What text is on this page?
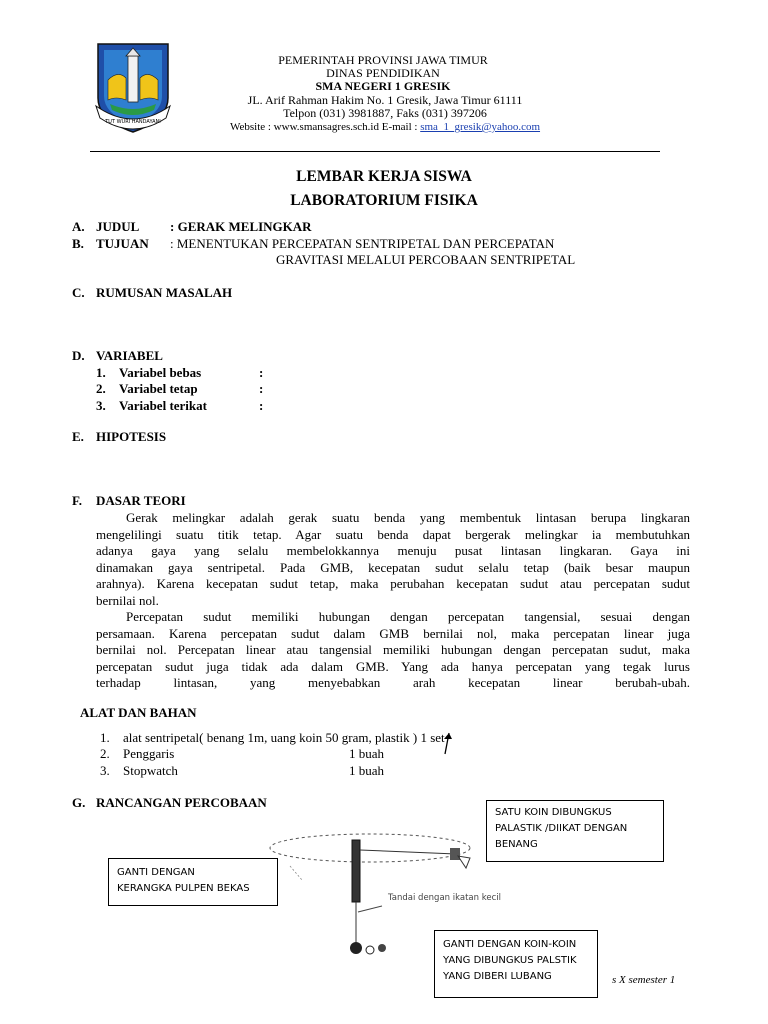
TUT WURI HANDAYANI
PEMERINTAH PROVINSI JAWA TIMUR
DINAS PENDIDIKAN
SMA NEGERI 1 GRESIK
JL. Arif Rahman Hakim No. 1 Gresik, Jawa Timur 61111
Telpon (031) 3981887, Faks (031) 397206
Website : www.smansagres.sch.id E-mail : sma_1_gresik@yahoo.com
LEMBAR KERJA SISWA
LABORATORIUM FISIKA
A. JUDUL : GERAK MELINGKAR
B. TUJUAN : MENENTUKAN PERCEPATAN SENTRIPETAL DAN PERCEPATAN
GRAVITASI MELALUI PERCOBAAN SENTRIPETAL
C. RUMUSAN MASALAH
D. VARIABEL
1. Variabel bebas	:
2. Variabel tetap	:
3. Variabel terikat	:
E. HIPOTESIS
F. DASAR TEORI
Gerak melingkar adalah gerak suatu benda yang membentuk lintasan berupa lingkaran
mengelilingi suatu titik tetap. Agar suatu benda dapat bergerak melingkar ia membutuhkan
adanya gaya yang selalu membelokkannya menuju pusat lintasan lingkaran. Gaya ini
dinamakan gaya sentripetal. Pada GMB, kecepatan sudut selalu tetap (baik besar maupun
arahnya). Karena kecepatan sudut tetap, maka perubahan kecepatan sudut atau percepatan sudut
bernilai nol.
Percepatan sudut memiliki hubungan dengan percepatan tangensial, sesuai dengan
persamaan. Karena percepatan sudut dalam GMB bernilai nol, maka percepatan linear juga
bernilai nol. Percepatan linear atau tangensial memiliki hubungan dengan percepatan sudut, maka
percepatan sudut juga tidak ada dalam GMB. Yang ada hanya percepatan yang tegak lurus
terhadap lintasan, yang menyebabkan arah kecepatan linear berubah-ubah.
ALAT DAN BAHAN
1. alat sentripetal( benang 1m, uang koin 50 gram, plastik ) 1 set
2. Penggaris	1 buah
3. Stopwatch	1 buah
G. RANCANGAN PERCOBAAN
Tandai dengan ikatan kecil
SATU KOIN DIBUNGKUS
PALASTIK /DIIKAT DENGAN
BENANG
GANTI DENGAN
KERANGKA PULPEN BEKAS
GANTI DENGAN KOIN-KOIN
YANG DIBUNGKUS PALSTIK
YANG DIBERI LUBANG	s X semester 1
